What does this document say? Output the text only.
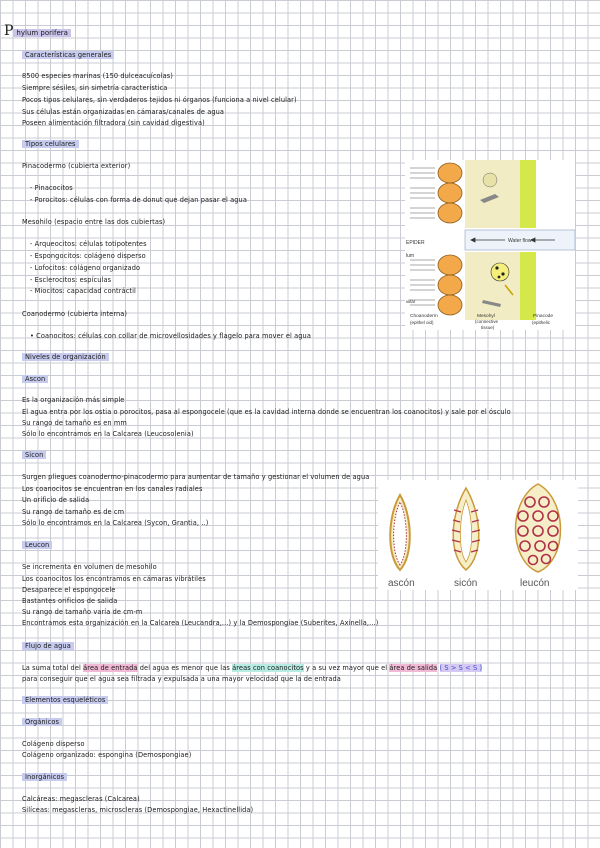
Phylum porifera
Características generales
8500 especies marinas (150 dulceacuícolas)
Siempre sésiles, sin simetría característica
Pocos tipos celulares, sin verdaderos tejidos ni órganos (funciona a nivel celular)
Sus células están organizadas en cámaras/canales de agua
Poseen alimentación filtradora (sin cavidad digestiva)
Tipos celulares
Pinacodermo (cubierta exterior)
- Pinacocitos
- Porocitos: células con forma de donut que dejan pasar el agua
Mesohilo (espacio entre las dos cubiertas)
- Arqueocitos: células totipotentes
- Espongocitos: colágeno disperso
- Lofocitos: colágeno organizado
- Esclerocitos: espículas
- Miocitos: capacidad contráctil
Coanodermo (cubierta interna)
• Coanocitos: células con collar de microvellosidades y flagelo para mover el agua
Niveles de organización
Ascon
Es la organización más simple
El agua entra por los ostia o porocitos, pasa al espongocele (que es la cavidad interna donde se encuentran los coanocitos) y sale por el ósculo
Su rango de tamaño es en mm
Sólo lo encontramos en la Calcarea (Leucosolenia)
Sicon
Surgen pliegues coanodermo-pinacodermo para aumentar de tamaño y gestionar el volumen de agua
Los coanocitos se encuentran en los canales radiales
Un orificio de salida
Su rango de tamaño es de cm
Sólo lo encontramos en la Calcarea (Sycon, Grantia, ..)
Leucon
Se incrementa en volumen de mesohilo
Los coanocitos los encontramos en cámaras vibrátiles
Desaparece el espongocele
Bastantes orificios de salida
Su rango de tamaño varía de cm-m
Encontramos esta organización en la Calcarea (Leucandra,...) y la Demospongiae (Suberites, Axinella,...)
Flujo de agua
La suma total del área de entrada del agua es menor que las áreas con coanocitos y a su vez mayor que el área de salida ( S > S < S )
para conseguir que el agua sea filtrada y expulsada a una mayor velocidad que la de entrada
Elementos esqueléticos
Orgánicos
Colágeno disperso
Colágeno organizado: espongina (Demospongiae)
Inorgánicos
Calcáreas: megascleras (Calcarea)
Silíceas: megascleras, microscleras (Demospongiae, Hexactinellida)
Water flow
EPIDER
lum
villar
Choanoderm
(epithel oid)
Mesohyl
(connective
tissue)
Pinacode
(epithelic
ascón	sicón	leucón
